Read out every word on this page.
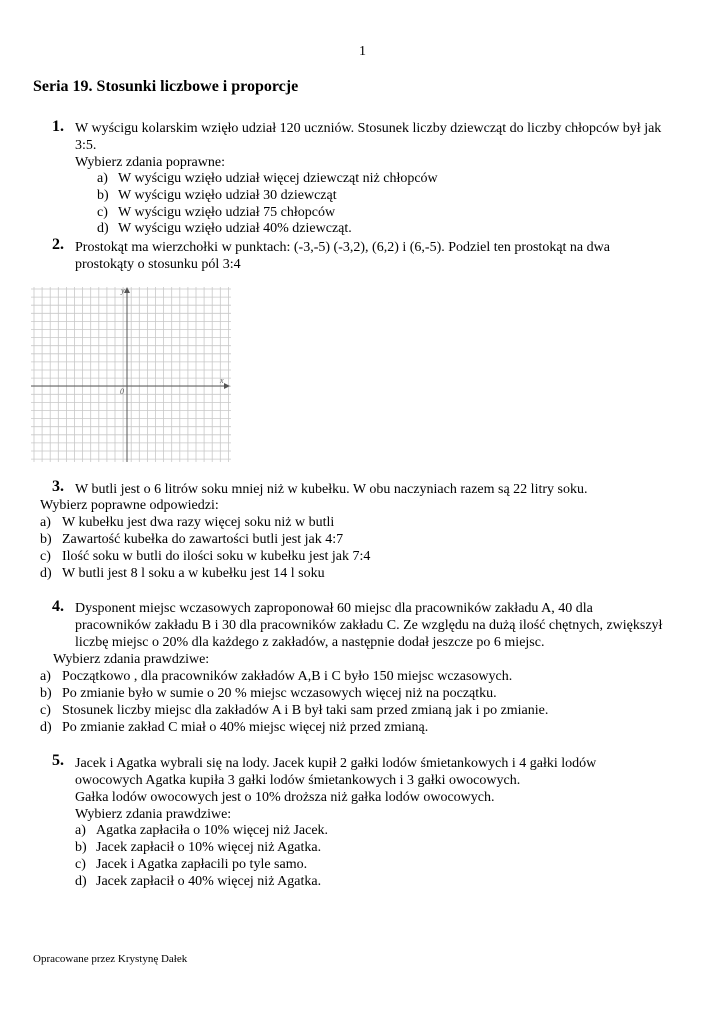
1
Seria 19. Stosunki liczbowe i proporcje
1. W wyścigu kolarskim wzięło udział 120 uczniów. Stosunek liczby dziewcząt do liczby chłopców był jak
3:5.
Wybierz zdania poprawne:
a) W wyścigu wzięło udział więcej dziewcząt niż chłopców
b) W wyścigu wzięło udział 30 dziewcząt
c) W wyścigu wzięło udział 75 chłopców
d) W wyścigu wzięło udział 40% dziewcząt.
2. Prostokąt ma wierzchołki w punktach: (-3,-5) (-3,2), (6,2) i (6,-5). Podziel ten prostokąt na dwa
prostokąty o stosunku pól 3:4
y
x
0
3. W butli jest o 6 litrów soku mniej niż w kubełku. W obu naczyniach razem są 22 litry soku.
Wybierz poprawne odpowiedzi:
a) W kubełku jest dwa razy więcej soku niż w butli
b) Zawartość kubełka do zawartości butli jest jak 4:7
c) Ilość soku w butli do ilości soku w kubełku jest jak 7:4
d) W butli jest 8 l soku a w kubełku jest 14 l soku
4. Dysponent miejsc wczasowych zaproponował 60 miejsc dla pracowników zakładu A, 40 dla
pracowników zakładu B i 30 dla pracowników zakładu C. Ze względu na dużą ilość chętnych, zwiększył
liczbę miejsc o 20% dla każdego z zakładów, a następnie dodał jeszcze po 6 miejsc.
Wybierz zdania prawdziwe:
a) Początkowo , dla pracowników zakładów A,B i C było 150 miejsc wczasowych.
b) Po zmianie było w sumie o 20 % miejsc wczasowych więcej niż na początku.
c) Stosunek liczby miejsc dla zakładów A i B był taki sam przed zmianą jak i po zmianie.
d) Po zmianie zakład C miał o 40% miejsc więcej niż przed zmianą.
5. Jacek i Agatka wybrali się na lody. Jacek kupił 2 gałki lodów śmietankowych i 4 gałki lodów
owocowych Agatka kupiła 3 gałki lodów śmietankowych i 3 gałki owocowych.
Gałka lodów owocowych jest o 10% droższa niż gałka lodów owocowych.
Wybierz zdania prawdziwe:
a) Agatka zapłaciła o 10% więcej niż Jacek.
b) Jacek zapłacił o 10% więcej niż Agatka.
c) Jacek i Agatka zapłacili po tyle samo.
d) Jacek zapłacił o 40% więcej niż Agatka.
Opracowane przez Krystynę Dałek
